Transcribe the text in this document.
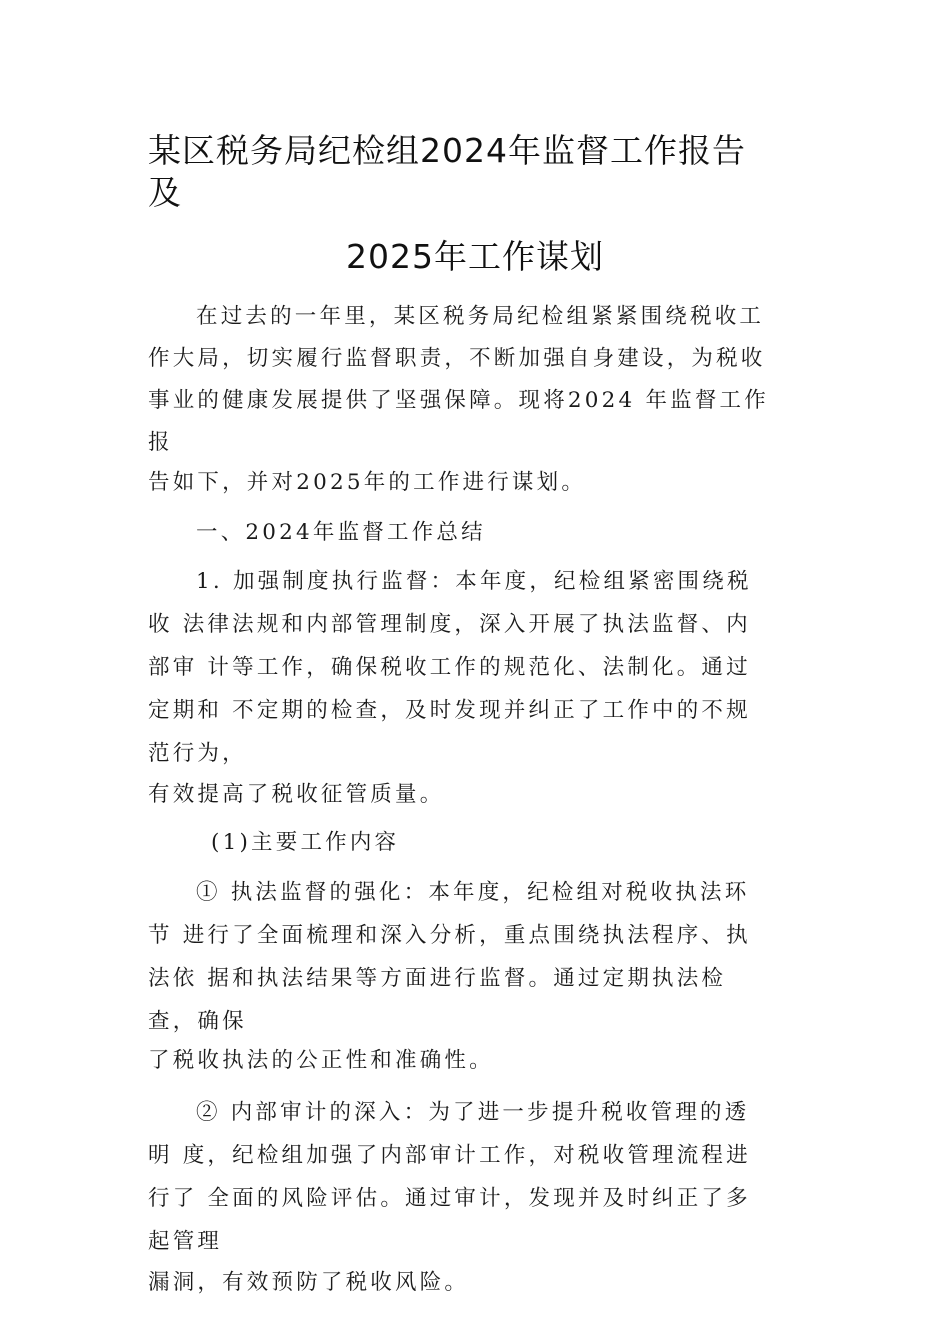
某区税务局纪检组2024年监督工作报告
及
2025年工作谋划
在过去的一年里，某区税务局纪检组紧紧围绕税收工
作大局，切实履行监督职责，不断加强自身建设，为税收
事业的健康发展提供了坚强保障。现将2024 年监督工作
报
告如下，并对2025年的工作进行谋划。
一、2024年监督工作总结
1. 加强制度执行监督：本年度，纪检组紧密围绕税
收 法律法规和内部管理制度，深入开展了执法监督、内
部审 计等工作，确保税收工作的规范化、法制化。通过
定期和 不定期的检查，及时发现并纠正了工作中的不规
范行为，
有效提高了税收征管质量。
(1)主要工作内容
① 执法监督的强化：本年度，纪检组对税收执法环
节 进行了全面梳理和深入分析，重点围绕执法程序、执
法依 据和执法结果等方面进行监督。通过定期执法检
查，确保
了税收执法的公正性和准确性。
② 内部审计的深入：为了进一步提升税收管理的透
明 度，纪检组加强了内部审计工作，对税收管理流程进
行了 全面的风险评估。通过审计，发现并及时纠正了多
起管理
漏洞，有效预防了税收风险。
